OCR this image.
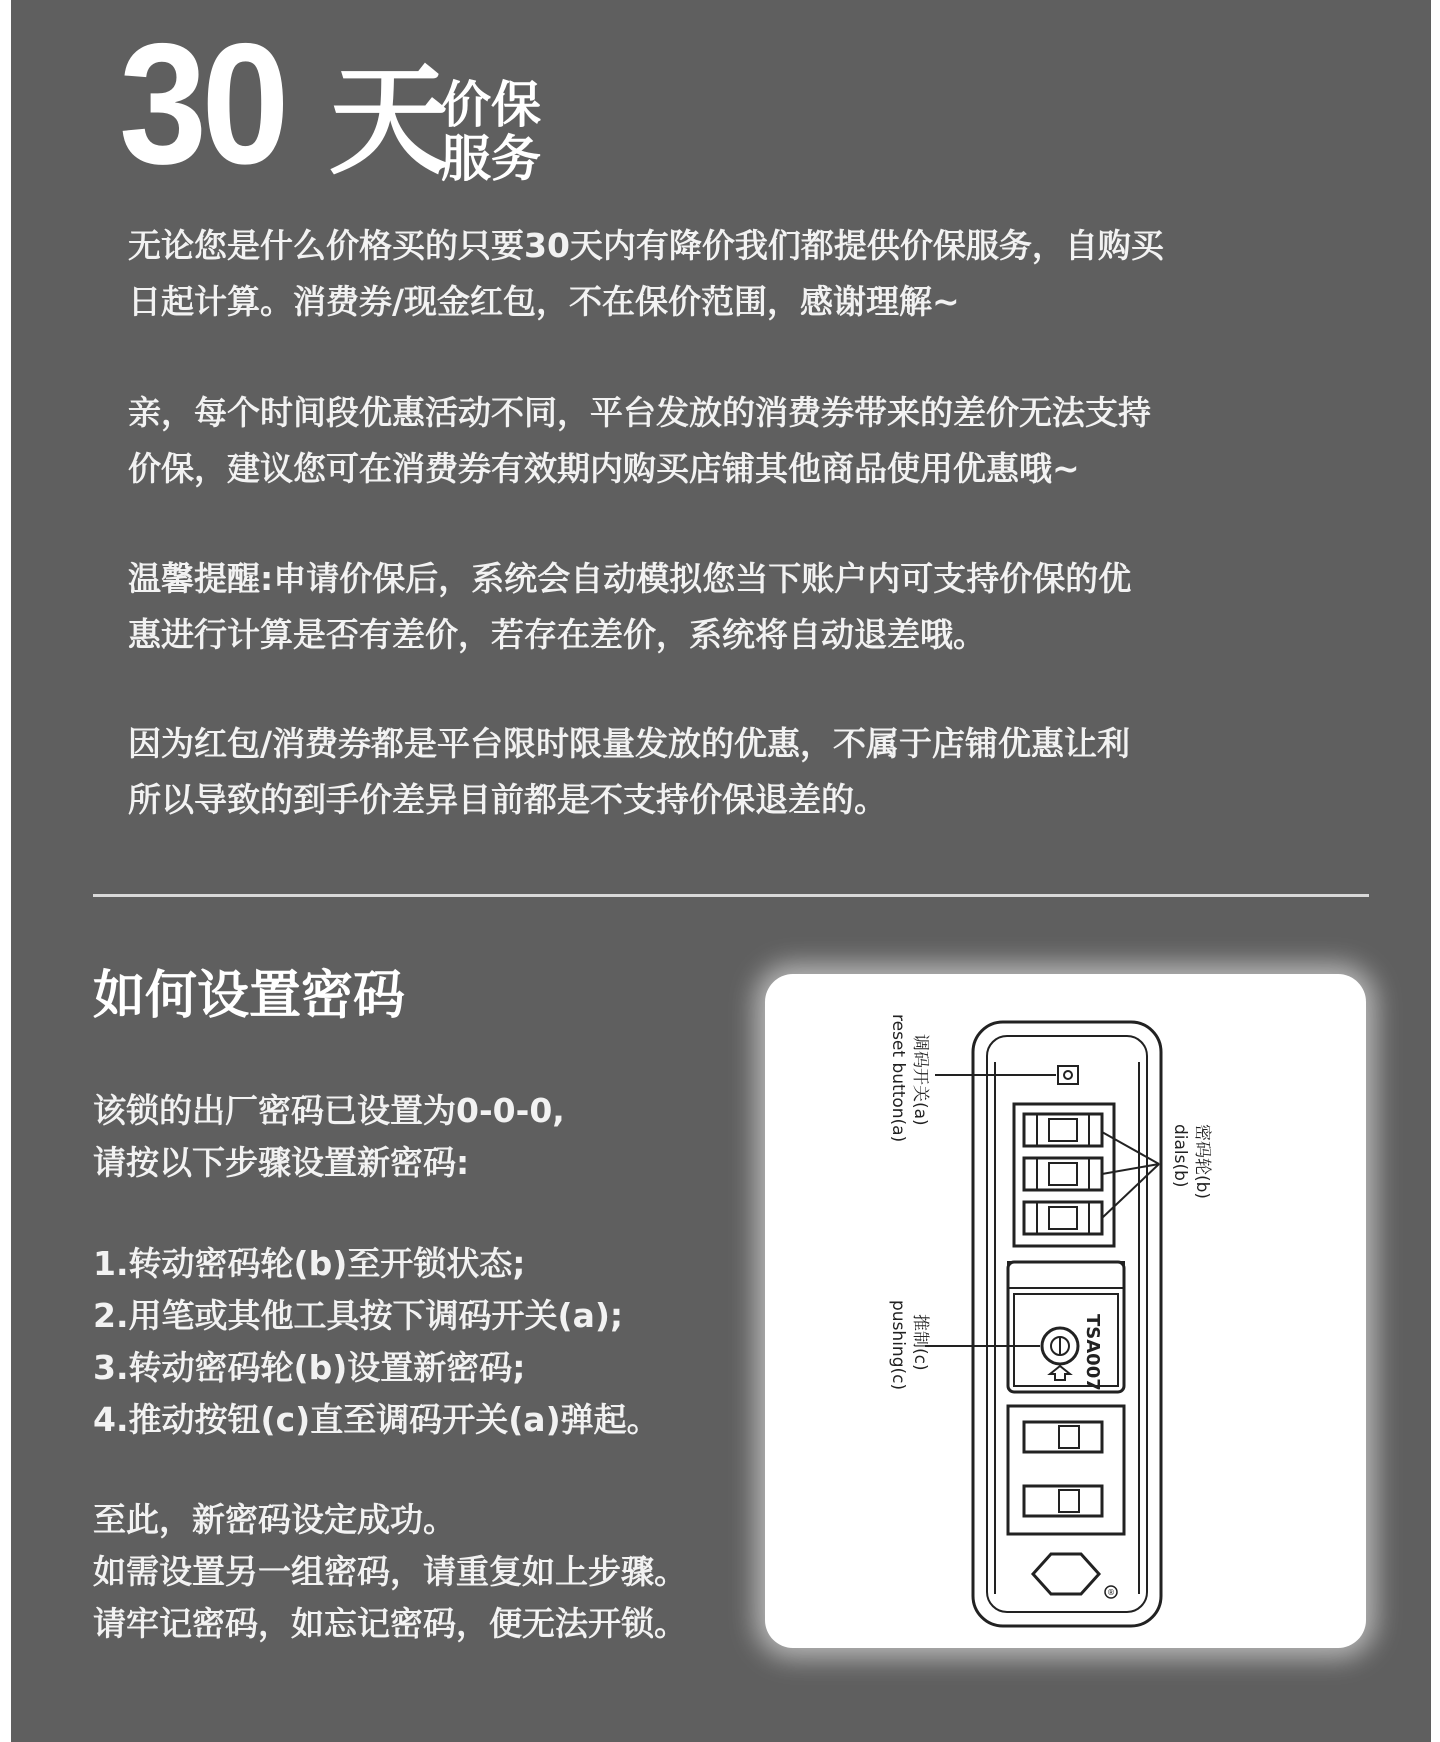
30 天
价保
服务
无论您是什么价格买的只要30天内有降价我们都提供价保服务，自购买
日起计算。消费券/现金红包，不在保价范围，感谢理解~
亲，每个时间段优惠活动不同，平台发放的消费券带来的差价无法支持
价保，建议您可在消费券有效期内购买店铺其他商品使用优惠哦~
温馨提醒:申请价保后，系统会自动模拟您当下账户内可支持价保的优
惠进行计算是否有差价，若存在差价，系统将自动退差哦。
因为红包/消费券都是平台限时限量发放的优惠，不属于店铺优惠让利
所以导致的到手价差异目前都是不支持价保退差的。
如何设置密码
该锁的出厂密码已设置为0-0-0,
请按以下步骤设置新密码:
1.转动密码轮(b)至开锁状态;
2.用笔或其他工具按下调码开关(a);
3.转动密码轮(b)设置新密码;
4.推动按钮(c)直至调码开关(a)弹起。
至此，新密码设定成功。
如需设置另一组密码，请重复如上步骤。
请牢记密码，如忘记密码，便无法开锁。
®
调码开关(a)
reset button(a)
密码轮(b)
dials(b)
推制(c)
pushing(c)	TSA007
